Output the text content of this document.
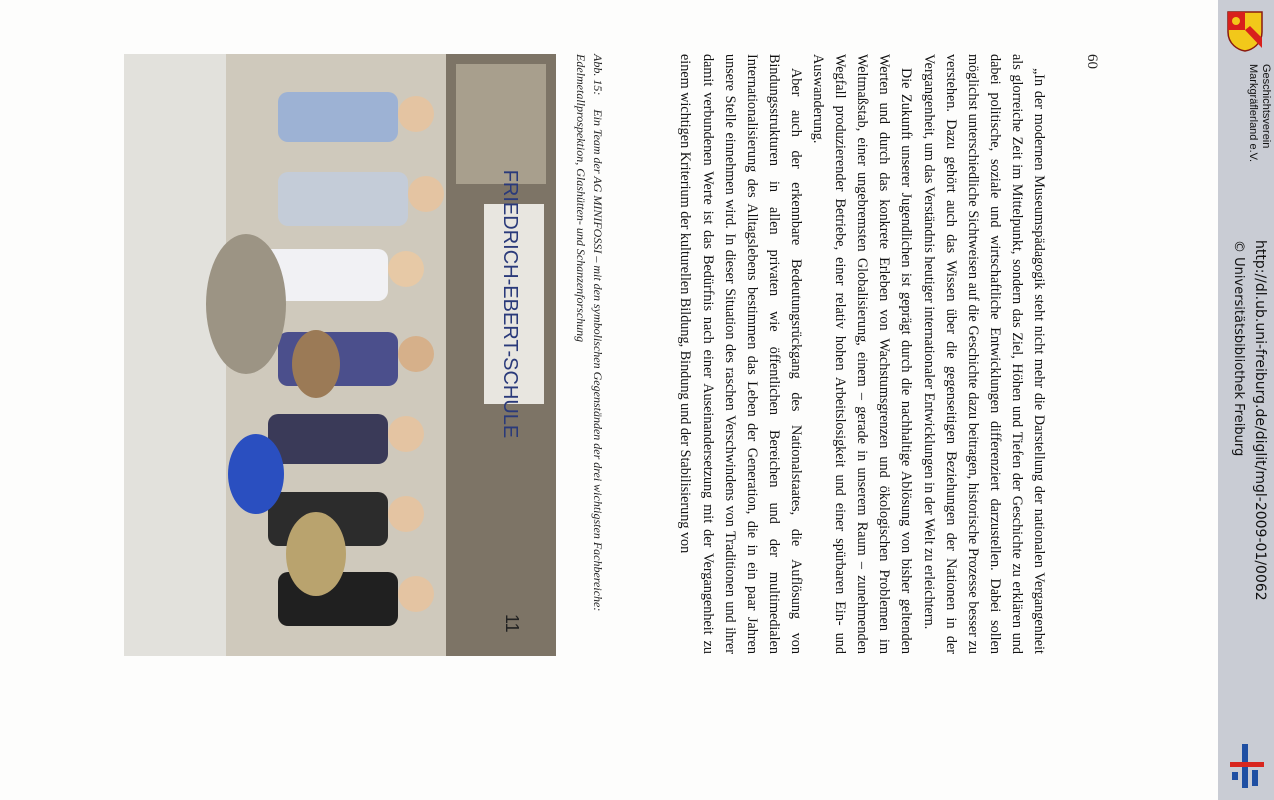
60

„In der modernen Museumspädagogik steht nicht mehr die Darstellung der nationalen Vergangenheit als glorreiche Zeit im Mittelpunkt, sondern das Ziel, Höhen und Tiefen der Geschichte zu erklären und dabei politische, soziale und wirtschaftliche Entwicklungen differenziert darzustellen. Dabei sollen möglichst unterschiedliche Sichtweisen auf die Geschichte dazu beitragen, historische Prozesse besser zu verstehen. Dazu gehört auch das Wissen über die gegenseitigen Beziehungen der Nationen in der Vergangenheit, um das Verständnis heutiger internationaler Entwicklungen in der Welt zu erleichtern.

Die Zukunft unserer Jugendlichen ist geprägt durch die nachhaltige Ablösung von bisher geltenden Werten und durch das konkrete Erleben von Wachstumsgrenzen und ökologischen Problemen im Weltmaßstab, einer ungebremsten Globalisierung, einem – gerade in unserem Raum – zunehmenden Wegfall produzierender Betriebe, einer relativ hohen Arbeitslosigkeit und einer spürbaren Ein- und Auswanderung.

Aber auch der erkennbare Bedeutungsrückgang des Nationalstaates, die Auflösung von Bindungsstrukturen in allen privaten wie öffentlichen Bereichen und der multimedialen Internationalisierung des Alltagslebens bestimmen das Leben der Generation, die in ein paar Jahren unsere Stelle einnehmen wird. In dieser Situation des raschen Verschwindens von Traditionen und ihrer damit verbundenen Werte ist das Bedürfnis nach einer Auseinandersetzung mit der Vergangenheit zu einem wichtigen Kriterium der kulturellen Bildung, Bindung und der Stabilisierung von

Abb. 15:Ein Team der AG MINIFOSSI – mit den symbolischen Gegenständen der drei wichtigsten Fachbereiche: Edelmetallprospektion, Glashütten- und Schanzenforschung
FRIEDRICH-EBERT-SCHULE
11
Geschichtsverein
Markgräflerland e.V.
http://dl.ub.uni-freiburg.de/diglit/mgl-2009-01/0062
© Universitätsbibliothek Freiburg
